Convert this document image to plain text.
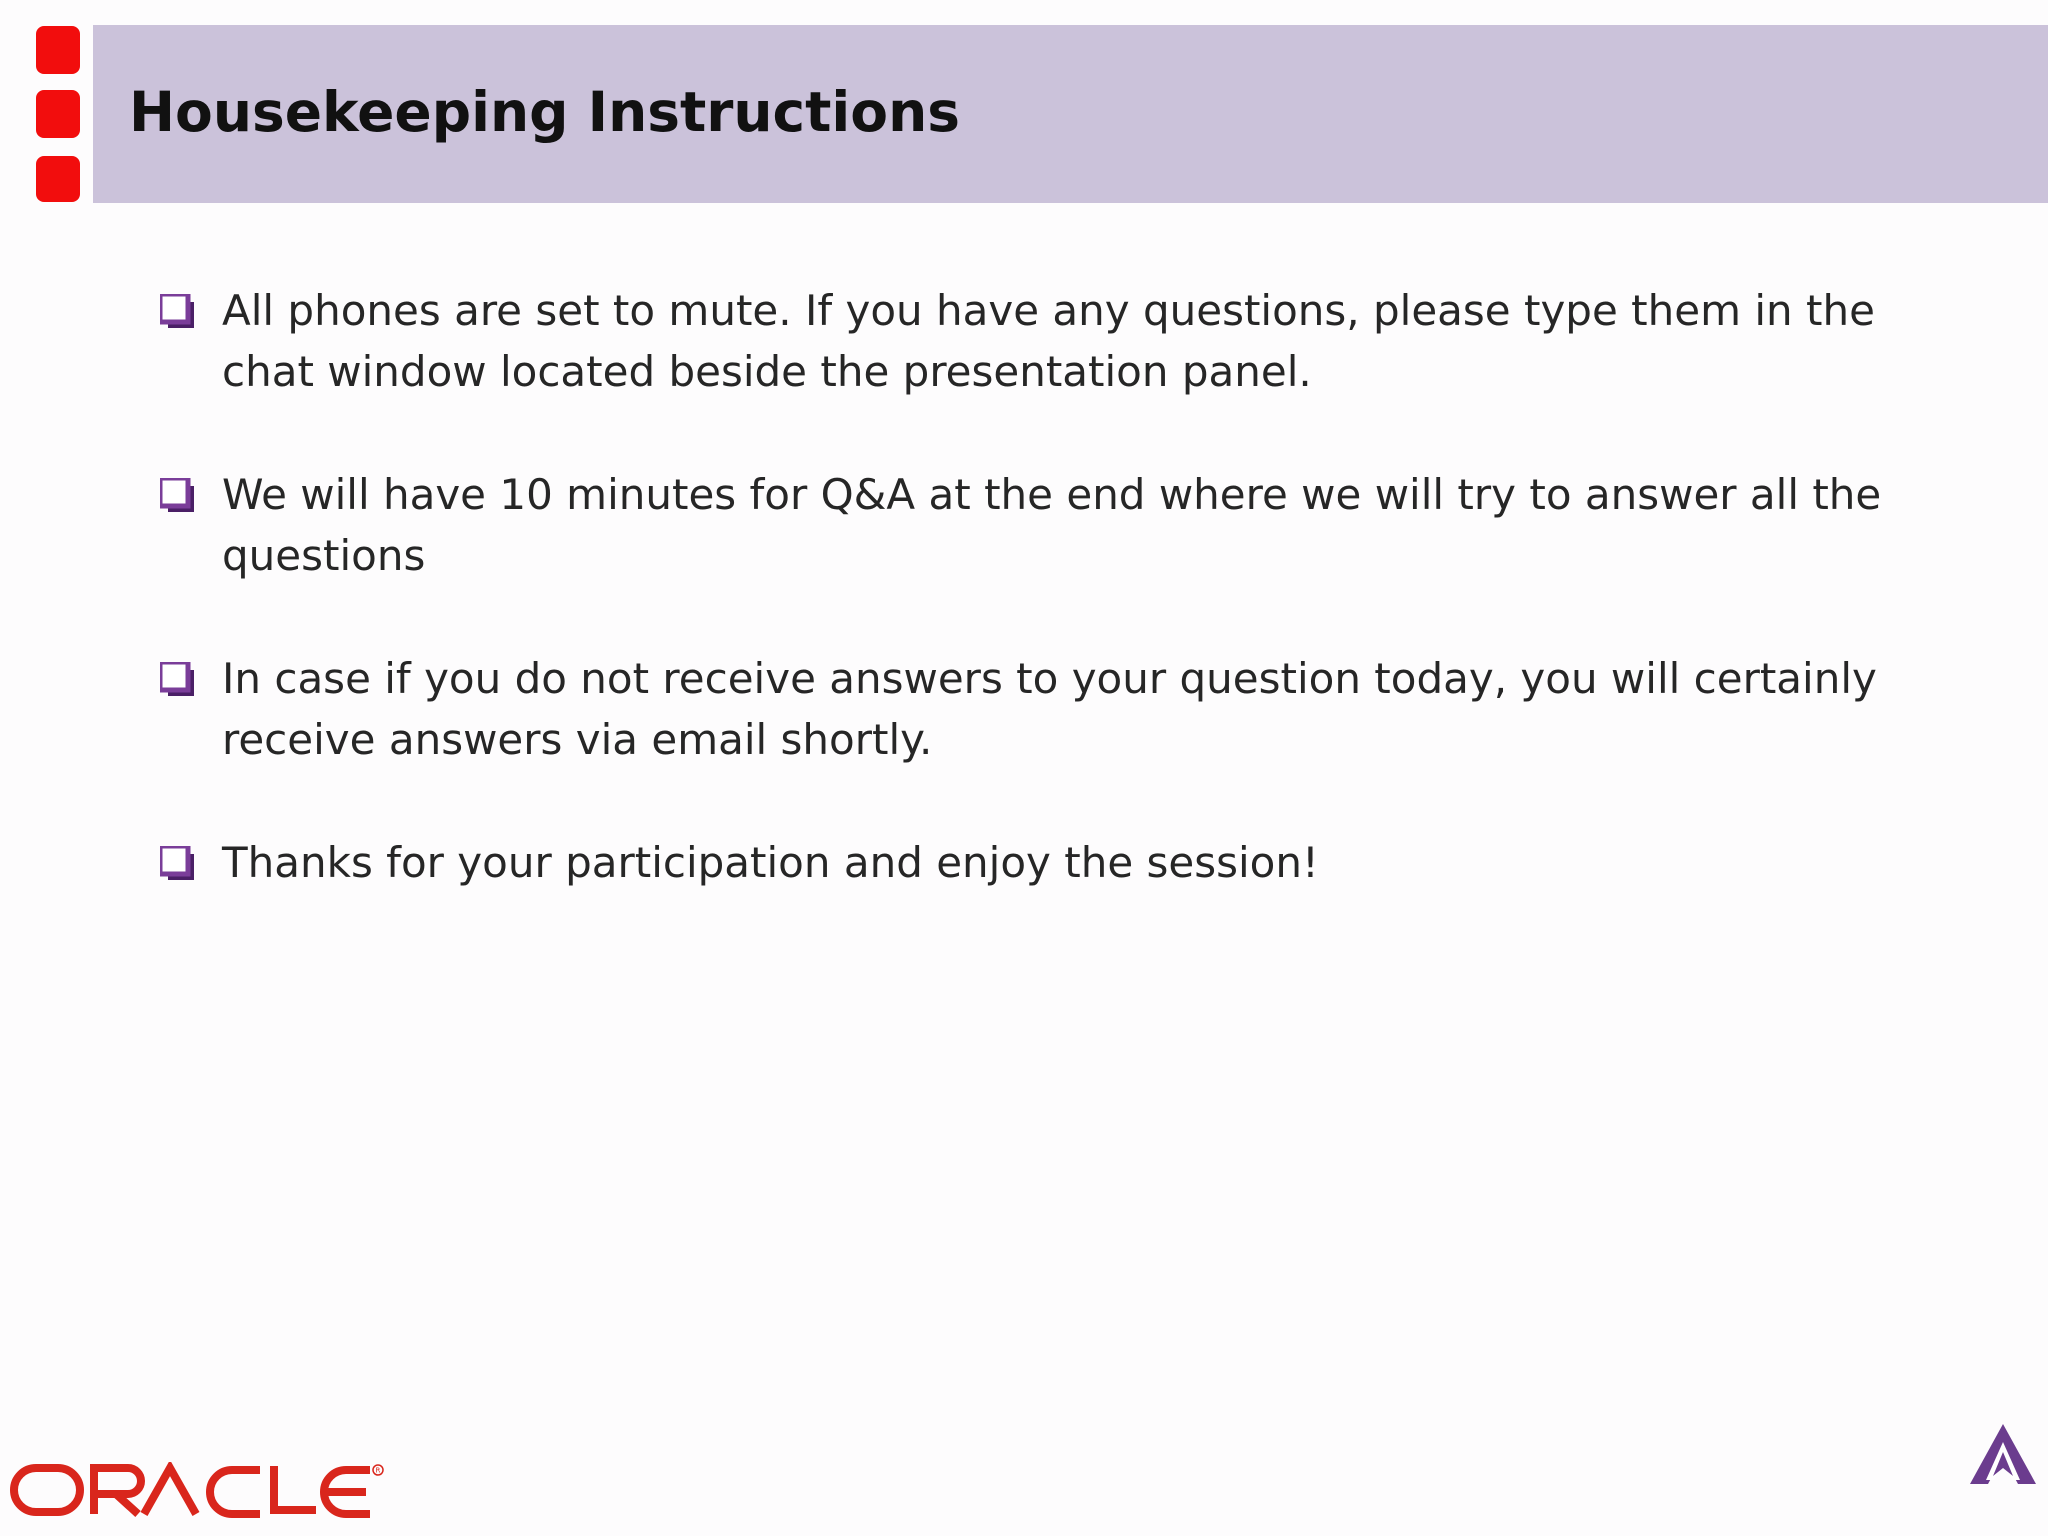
Housekeeping Instructions
All phones are set to mute. If you have any questions, please type them in the chat window located beside the presentation panel.
We will have 10 minutes for Q&A at the end where we will try to answer all the questions
In case if you do not receive answers to your question today, you will certainly receive answers via email shortly.
Thanks for your participation and enjoy the session!
R
